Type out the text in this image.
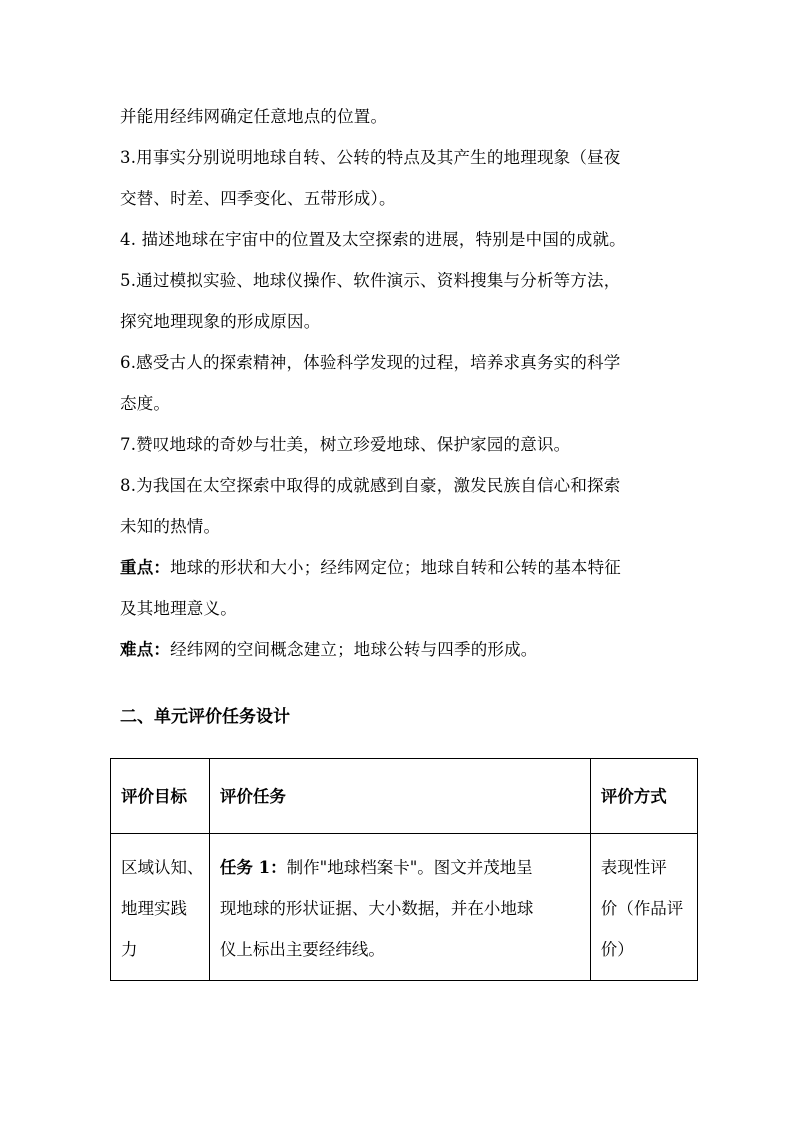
并能用经纬网确定任意地点的位置。

3.用事实分别说明地球自转、公转的特点及其产生的地理现象（昼夜

交替、时差、四季变化、五带形成）。

4. 描述地球在宇宙中的位置及太空探索的进展，特别是中国的成就。

5.通过模拟实验、地球仪操作、软件演示、资料搜集与分析等方法，

探究地理现象的形成原因。

6.感受古人的探索精神，体验科学发现的过程，培养求真务实的科学

态度。

7.赞叹地球的奇妙与壮美，树立珍爱地球、保护家园的意识。

8.为我国在太空探索中取得的成就感到自豪，激发民族自信心和探索

未知的热情。

重点：地球的形状和大小；经纬网定位；地球自转和公转的基本特征

及其地理意义。

难点：经纬网的空间概念建立；地球公转与四季的形成。

二、单元评价任务设计
评价目标	评价任务	评价方式

区域认知、
地理实践
力	任务 1：制作"地球档案卡"。图文并茂地呈
现地球的形状证据、大小数据，并在小地球
仪上标出主要经纬线。	表现性评
价（作品评
价）
